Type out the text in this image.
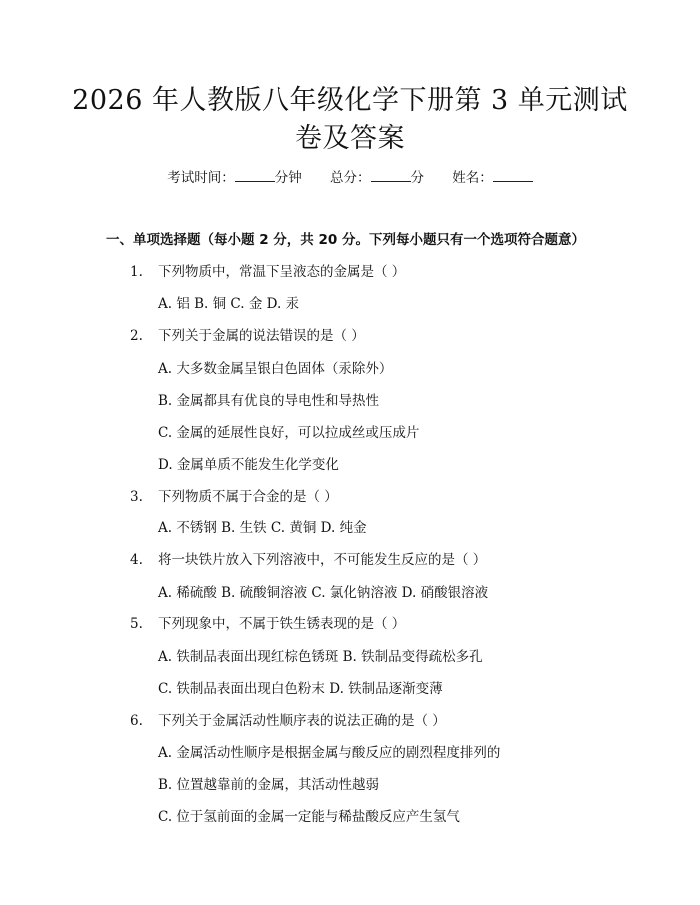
2026 年人教版八年级化学下册第 3 单元测试
卷及答案
考试时间：	分钟 总分：	分 姓名：
一、单项选择题（每小题 2 分，共 20 分。下列每小题只有一个选项符合题意）
1. 下列物质中，常温下呈液态的金属是（ ）
A. 铝 B. 铜 C. 金 D. 汞
2. 下列关于金属的说法错误的是（ ）
A. 大多数金属呈银白色固体（汞除外）
B. 金属都具有优良的导电性和导热性
C. 金属的延展性良好，可以拉成丝或压成片
D. 金属单质不能发生化学变化
3. 下列物质不属于合金的是（ ）
A. 不锈钢 B. 生铁 C. 黄铜 D. 纯金
4. 将一块铁片放入下列溶液中，不可能发生反应的是（ ）
A. 稀硫酸 B. 硫酸铜溶液 C. 氯化钠溶液 D. 硝酸银溶液
5. 下列现象中，不属于铁生锈表现的是（ ）
A. 铁制品表面出现红棕色锈斑 B. 铁制品变得疏松多孔
C. 铁制品表面出现白色粉末 D. 铁制品逐渐变薄
6. 下列关于金属活动性顺序表的说法正确的是（ ）
A. 金属活动性顺序是根据金属与酸反应的剧烈程度排列的
B. 位置越靠前的金属，其活动性越弱
C. 位于氢前面的金属一定能与稀盐酸反应产生氢气
